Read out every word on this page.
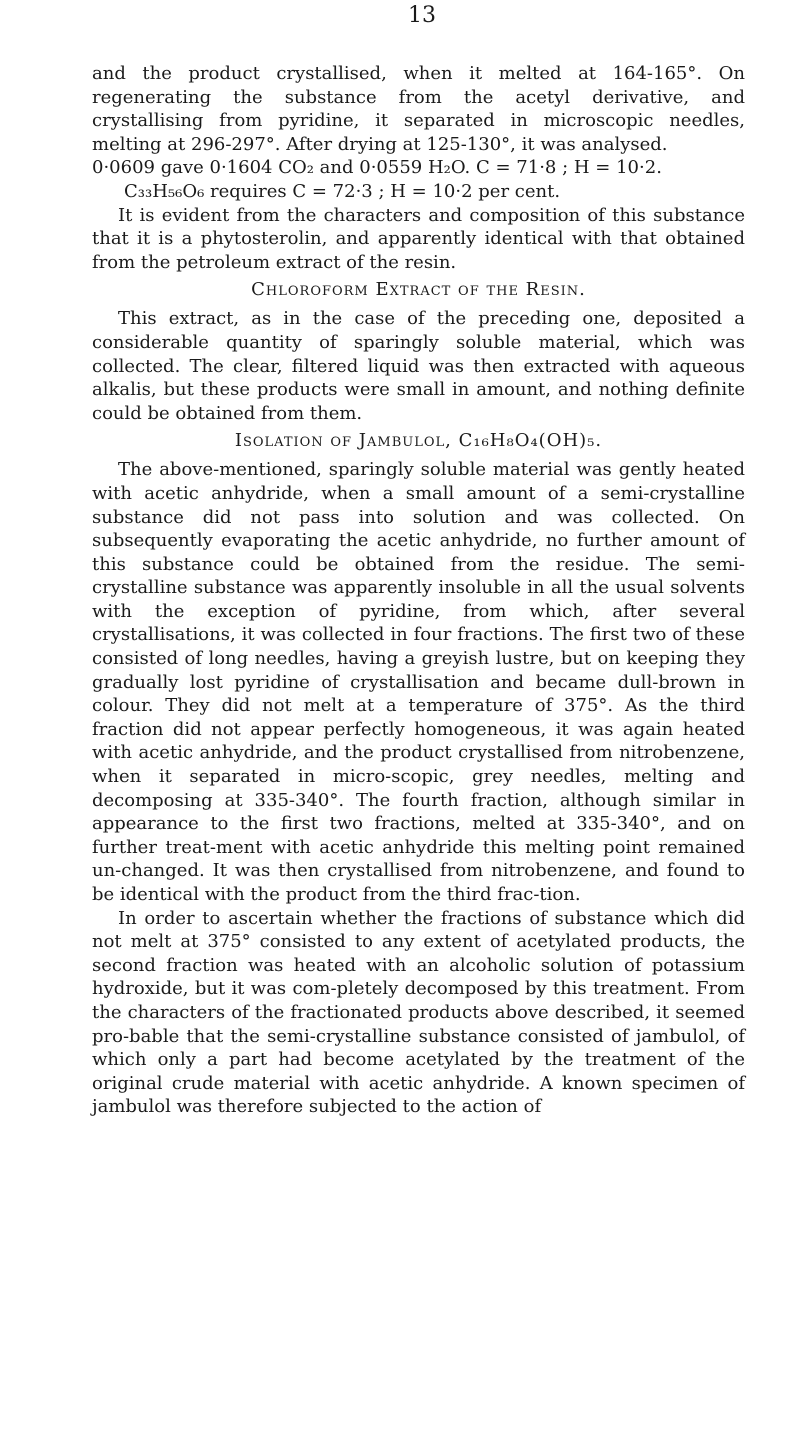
13

and the product crystallised, when it melted at 164-165°. On regenerating the substance from the acetyl derivative, and crystallising from pyridine, it separated in microscopic needles, melting at 296-297°. After drying at 125-130°, it was analysed.

0·0609 gave 0·1604 CO₂ and 0·0559 H₂O. C = 71·8 ; H = 10·2.

C₃₃H₅₆O₆ requires C = 72·3 ; H = 10·2 per cent.

It is evident from the characters and composition of this substance that it is a phytosterolin, and apparently identical with that obtained from the petroleum extract of the resin.

Chloroform Extract of the Resin.

This extract, as in the case of the preceding one, deposited a considerable quantity of sparingly soluble material, which was collected. The clear, filtered liquid was then extracted with aqueous alkalis, but these products were small in amount, and nothing definite could be obtained from them.

Isolation of Jambulol, C₁₆H₈O₄(OH)₅.

The above-mentioned, sparingly soluble material was gently heated with acetic anhydride, when a small amount of a semi-crystalline substance did not pass into solution and was collected. On subsequently evaporating the acetic anhydride, no further amount of this substance could be obtained from the residue. The semi-crystalline substance was apparently insoluble in all the usual solvents with the exception of pyridine, from which, after several crystallisations, it was collected in four fractions. The first two of these consisted of long needles, having a greyish lustre, but on keeping they gradually lost pyridine of crystallisation and became dull-brown in colour. They did not melt at a temperature of 375°. As the third fraction did not appear perfectly homogeneous, it was again heated with acetic anhydride, and the product crystallised from nitrobenzene, when it separated in micro-scopic, grey needles, melting and decomposing at 335-340°. The fourth fraction, although similar in appearance to the first two fractions, melted at 335-340°, and on further treat-ment with acetic anhydride this melting point remained un-changed. It was then crystallised from nitrobenzene, and found to be identical with the product from the third frac-tion.

In order to ascertain whether the fractions of substance which did not melt at 375° consisted to any extent of acetylated products, the second fraction was heated with an alcoholic solution of potassium hydroxide, but it was com-pletely decomposed by this treatment. From the characters of the fractionated products above described, it seemed pro-bable that the semi-crystalline substance consisted of jambulol, of which only a part had become acetylated by the treatment of the original crude material with acetic anhydride. A known specimen of jambulol was therefore subjected to the action of
